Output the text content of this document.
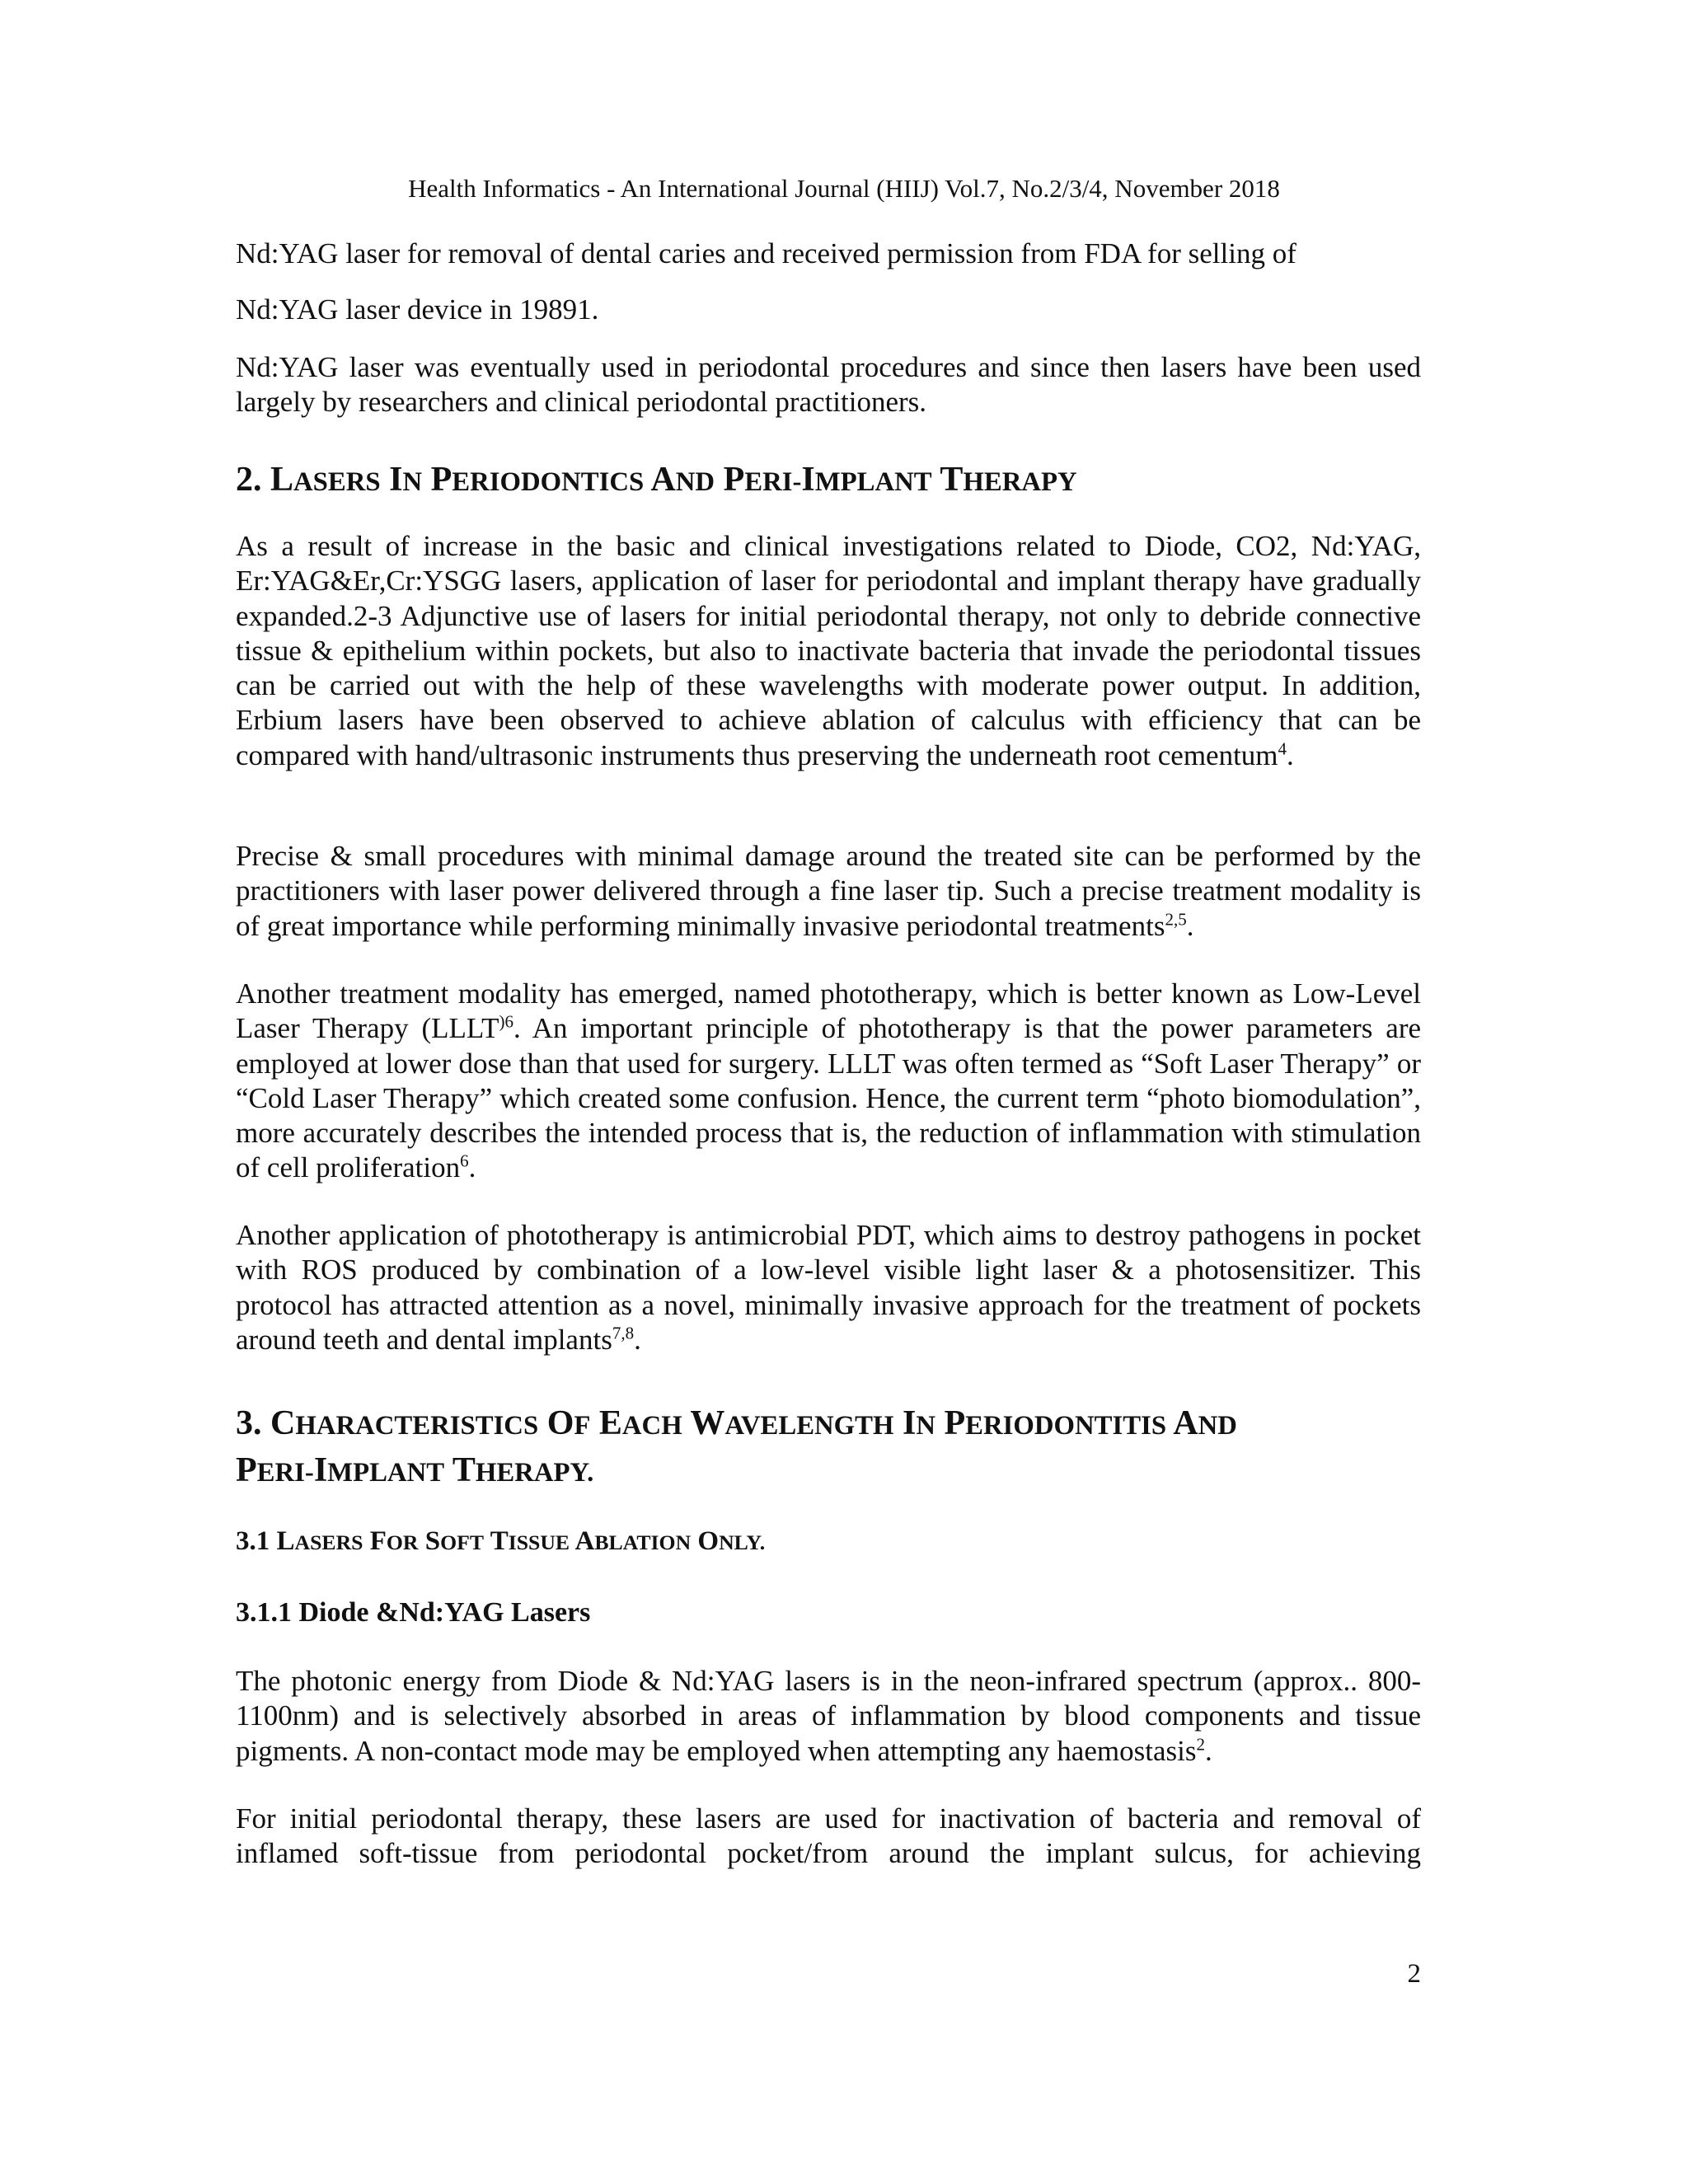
Health Informatics - An International Journal (HIIJ) Vol.7, No.2/3/4, November 2018

Nd:YAG laser for removal of dental caries and received permission from FDA for selling of

Nd:YAG laser device in 19891.

Nd:YAG laser was eventually used in periodontal procedures and since then lasers have been used largely by researchers and clinical periodontal practitioners.

2. LASERS IN PERIODONTICS AND PERI-IMPLANT THERAPY

As a result of increase in the basic and clinical investigations related to Diode, CO2, Nd:YAG, Er:YAG&Er,Cr:YSGG lasers, application of laser for periodontal and implant therapy have gradually expanded.2-3 Adjunctive use of lasers for initial periodontal therapy, not only to debride connective tissue & epithelium within pockets, but also to inactivate bacteria that invade the periodontal tissues can be carried out with the help of these wavelengths with moderate power output. In addition, Erbium lasers have been observed to achieve ablation of calculus with efficiency that can be compared with hand/ultrasonic instruments thus preserving the underneath root cementum$^4$.

Precise & small procedures with minimal damage around the treated site can be performed by the practitioners with laser power delivered through a fine laser tip. Such a precise treatment modality is of great importance while performing minimally invasive periodontal treatments$^{2,5}$.

Another treatment modality has emerged, named phototherapy, which is better known as Low-Level Laser Therapy ($LLLT^{)6}$. An important principle of phototherapy is that the power parameters are employed at lower dose than that used for surgery. LLLT was often termed as “Soft Laser Therapy” or “Cold Laser Therapy” which created some confusion. Hence, the current term “photo biomodulation”, more accurately describes the intended process that is, the reduction of inflammation with stimulation of cell proliferation$^6$.

Another application of phototherapy is antimicrobial PDT, which aims to destroy pathogens in pocket with ROS produced by combination of a low-level visible light laser & a photosensitizer. This protocol has attracted attention as a novel, minimally invasive approach for the treatment of pockets around teeth and dental implants$^{7,8}$.

3. CHARACTERISTICS OF EACH WAVELENGTH IN PERIODONTITIS AND
PERI-IMPLANT THERAPY.

3.1 LASERS FOR SOFT TISSUE ABLATION ONLY.

3.1.1 Diode &Nd:YAG Lasers

The photonic energy from Diode & Nd:YAG lasers is in the neon-infrared spectrum (approx.. 800-1100nm) and is selectively absorbed in areas of inflammation by blood components and tissue pigments. A non-contact mode may be employed when attempting any haemostasis$^2$.

For initial periodontal therapy, these lasers are used for inactivation of bacteria and removal of inflamed soft-tissue from periodontal pocket/from around the implant sulcus, for achieving

2
